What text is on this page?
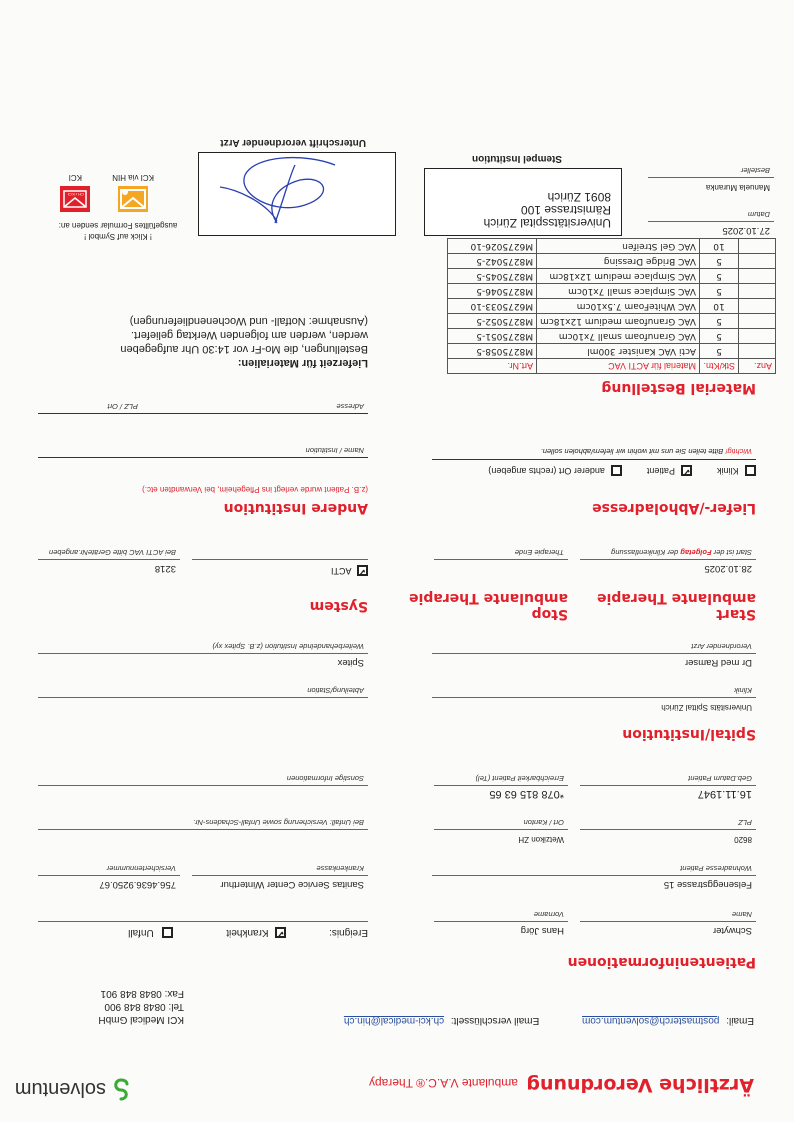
solventum	Ärztliche Verordnung ambulante V.A.C.® Therapy
Email: postmasterch@solventum.com Email verschlüsselt: ch.kci-medical@hin.ch
KCI Medical GmbH
Tel: 0848 848 900
Fax: 0848 848 901
Patienteninformationen
Schwyter
Name
Hans Jörg
Vorname
Ereignis: ✔ Krankheit  Unfall
Felseneggstrasse 15
Wohnadresse Patient
Sanitas Service Center Winterthur
Krankenkasse
756.4636.9250.67
Versichertennummer
8620
PLZ
Wetzikon ZH
Ort / Kanton
Bei Unfall: Versicherung sowie Unfall-Schadens-Nr.
16.11.1947
Geb.Datum Patient
*078 815 63 65
Erreichbarkeit Patient (Tel)
Sonstige Informationen
Spital/Institution
Universitäts Spittal Zürich
Klinik
Abteilung/Station
Dr med Ramser
Verordnender Arzt
Spitex
Weiterbehandelnde Institution (z.B. Spitex xy)
Start
ambulante Therapie
Stop
ambulante Therapie
System
28.10.2025
Start ist der Folgetag der Klinikentlassung
Therapie Ende
✔ ACTI
3218
Bei ACTI VAC bitte GeräteNr.angeben
Liefer-/Abholadresse
Andere Institution
(z.B. Patient wurde verlegt ins Pflegeheim, bei Verwandten etc.)
Klinik ✔ Patient  anderer Ort (rechts angeben)
Wichtig! Bitte teilen Sie uns mit wohin wir liefern/abholen sollen.
Name / Institution
Adresse
PLZ / Ort
Material Bestellung
Anz.	Stk/Ktn.	Material für ACTI VAC	Art.Nr.
	5	Acti VAC Kanister 300ml	M8275058-5
	5	VAC Granufoam small 7x10cm	M8275051-5
	5	VAC Granufoam medium 12x18cm	M8275052-5
	10	VAC WhiteFoam 7.5x10cm	M6275033-10
	5	VAC Simplace small 7x10cm	M8275046-5
	5	VAC Simplace medium 12x18cm	M8275045-5
	5	VAC Bridge Dressing	M8275042-5
	10	VAC Gel Streifen	M6275026-10
Lieferzeit für Materialien:
Bestellungen, die Mo-Fr vor 14:30 Uhr aufgegeben
werden, werden am folgenden Werktag geliefert.
(Ausnahme: Notfall- und Wochenendlieferungen)
27.10.2025
Datum
Manuela Muranka
Besteller
Universitätsspital Zürich
Rämistrasse 100
8091 Zürich
Stempel Institution
Unterschrift verordnender Arzt
! Klick auf Symbol !
ausgefülltes Formular senden an:
CH • KCI
KCI via HIN
KCI
